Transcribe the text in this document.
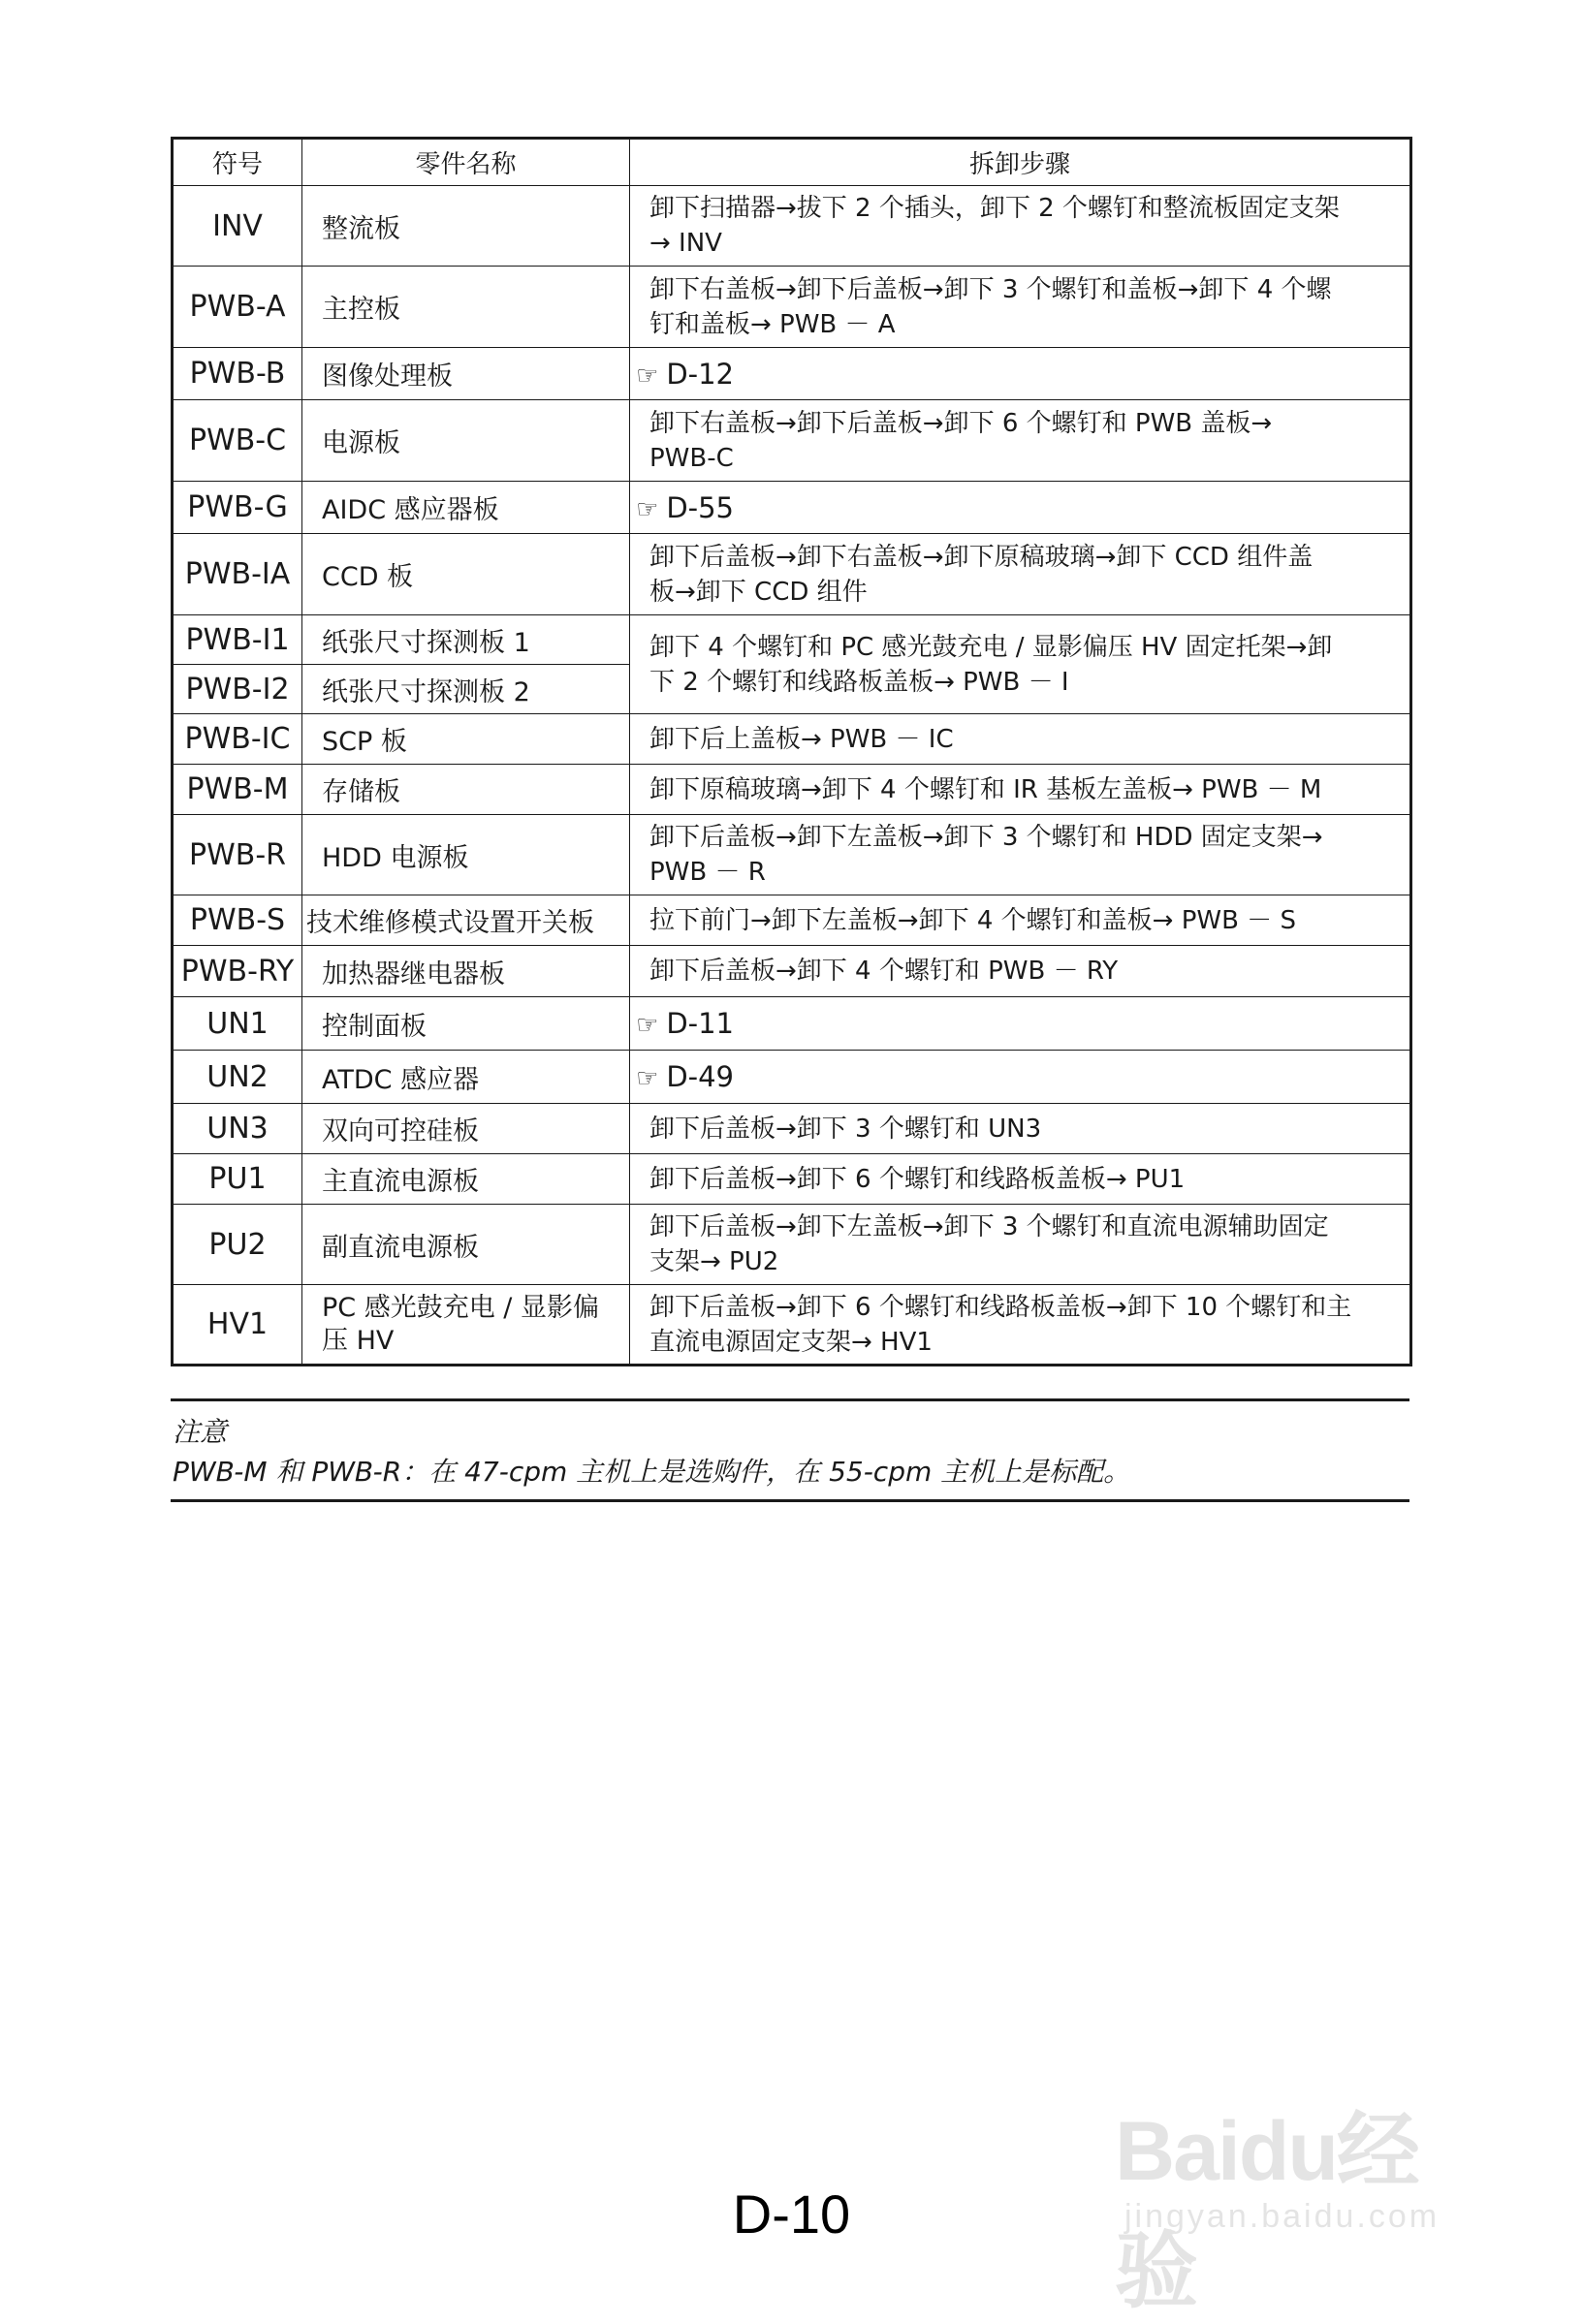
符号	零件名称	拆卸步骤
INV	整流板	卸下扫描器→拔下 2 个插头，卸下 2 个螺钉和整流板固定支架
→ INV

PWB-A	主控板	卸下右盖板→卸下后盖板→卸下 3 个螺钉和盖板→卸下 4 个螺
钉和盖板→ PWB － A

PWB-B	图像处理板	☞ D-12
PWB-C	电源板	卸下右盖板→卸下后盖板→卸下 6 个螺钉和 PWB 盖板→
PWB-C

PWB-G	AIDC 感应器板	☞ D-55
PWB-IA	CCD 板	卸下后盖板→卸下右盖板→卸下原稿玻璃→卸下 CCD 组件盖
板→卸下 CCD 组件

PWB-I1	纸张尺寸探测板 1	卸下 4 个螺钉和 PC 感光鼓充电 / 显影偏压 HV 固定托架→卸
下 2 个螺钉和线路板盖板→ PWB － I

PWB-I2	纸张尺寸探测板 2	
PWB-IC	SCP 板	卸下后上盖板→ PWB － IC

PWB-M	存储板	卸下原稿玻璃→卸下 4 个螺钉和 IR 基板左盖板→ PWB － M

PWB-R	HDD 电源板	卸下后盖板→卸下左盖板→卸下 3 个螺钉和 HDD 固定支架→
PWB － R

PWB-S	技术维修模式设置开关板	拉下前门→卸下左盖板→卸下 4 个螺钉和盖板→ PWB － S

PWB-RY	加热器继电器板	卸下后盖板→卸下 4 个螺钉和 PWB － RY

UN1	控制面板	☞ D-11
UN2	ATDC 感应器	☞ D-49
UN3	双向可控硅板	卸下后盖板→卸下 3 个螺钉和 UN3

PU1	主直流电源板	卸下后盖板→卸下 6 个螺钉和线路板盖板→ PU1

PU2	副直流电源板	卸下后盖板→卸下左盖板→卸下 3 个螺钉和直流电源辅助固定
支架→ PU2

HV1	PC 感光鼓充电 / 显影偏压 HV	卸下后盖板→卸下 6 个螺钉和线路板盖板→卸下 10 个螺钉和主
直流电源固定支架→ HV1
注意
PWB-M 和 PWB-R：在 47-cpm 主机上是选购件，在 55-cpm 主机上是标配。
D-10
Baidu经验
jingyan.baidu.com
